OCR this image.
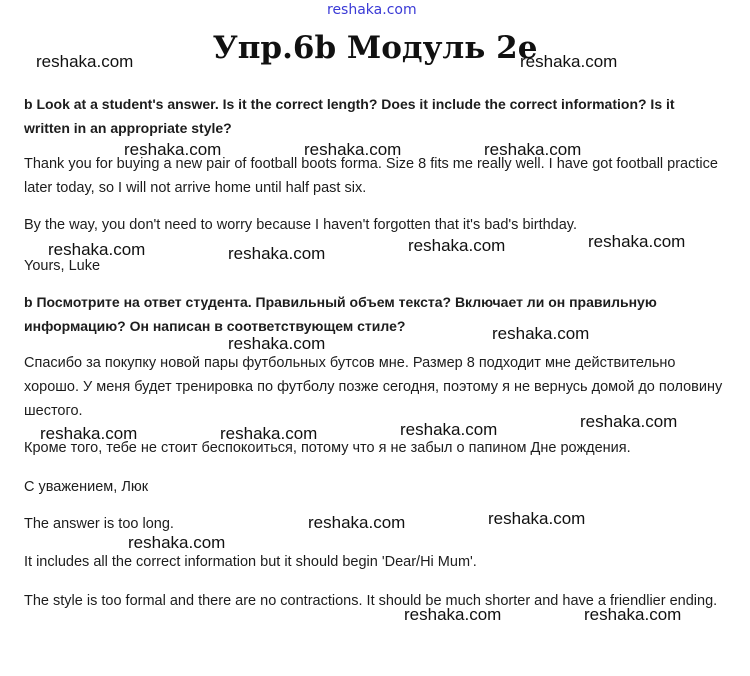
reshaka.com
Упр.6b Модуль 2е
reshaka.com	reshaka.com
reshaka.com	reshaka.com	reshaka.com
reshaka.com	reshaka.com	reshaka.com	reshaka.com
reshaka.com
reshaka.com
reshaka.com	reshaka.com	reshaka.com	reshaka.com
reshaka.com	reshaka.com
reshaka.com
reshaka.com	reshaka.com

b Look at a student's answer. Is it the correct length? Does it include the correct information? Is it written in an appropriate style?

Thank you for buying a new pair of football boots forma. Size 8 fits me really well. I have got football practice later today, so I will not arrive home until half past six.

By the way, you don't need to worry because I haven't forgotten that it's bad's birthday.

Yours, Luke

b Посмотрите на ответ студента. Правильный объем текста? Включает ли он правильную информацию? Он написан в соответствующем стиле?

Спасибо за покупку новой пары футбольных бутсов мне. Размер 8 подходит мне действительно хорошо. У меня будет тренировка по футболу позже сегодня, поэтому я не вернусь домой до половину шестого.

Кроме того, тебе не стоит беспокоиться, потому что я не забыл о папином Дне рождения.

С уважением, Люк

The answer is too long.

It includes all the correct information but it should begin 'Dear/Hi Mum'.

The style is too formal and there are no contractions. It should be much shorter and have a friendlier ending.
